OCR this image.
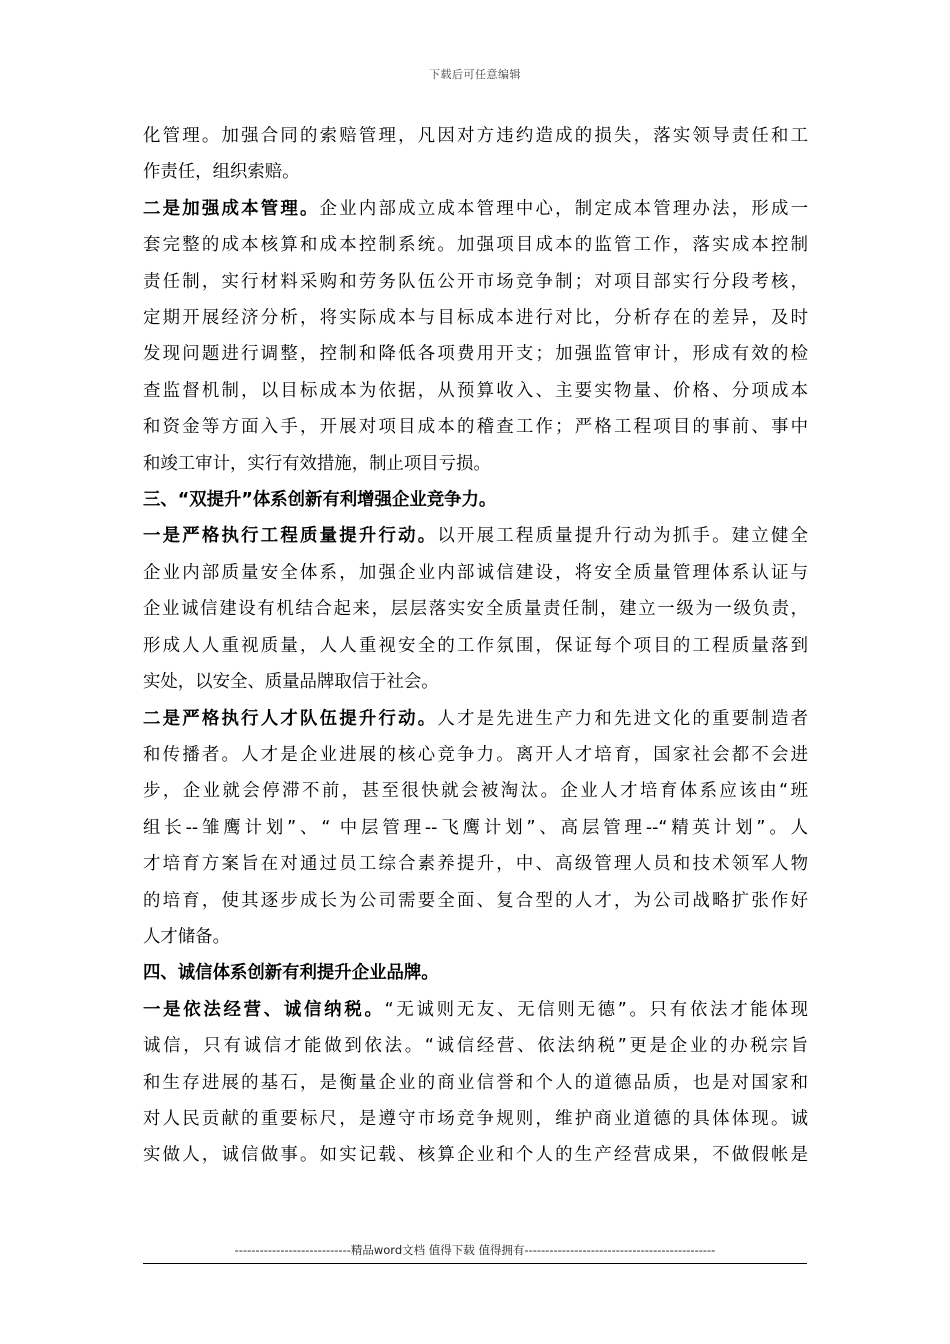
下载后可任意编辑

化管理。加强合同的索赔管理，凡因对方违约造成的损失，落实领导责任和工
作责任，组织索赔。

二是加强成本管理。企业内部成立成本管理中心，制定成本管理办法，形成一
套完整的成本核算和成本控制系统。加强项目成本的监管工作，落实成本控制
责任制，实行材料采购和劳务队伍公开市场竞争制；对项目部实行分段考核，
定期开展经济分析，将实际成本与目标成本进行对比，分析存在的差异，及时
发现问题进行调整，控制和降低各项费用开支；加强监管审计，形成有效的检
查监督机制，以目标成本为依据，从预算收入、主要实物量、价格、分项成本
和资金等方面入手，开展对项目成本的稽查工作；严格工程项目的事前、事中
和竣工审计，实行有效措施，制止项目亏损。

三、“双提升”体系创新有利增强企业竞争力。

一是严格执行工程质量提升行动。以开展工程质量提升行动为抓手。建立健全
企业内部质量安全体系，加强企业内部诚信建设，将安全质量管理体系认证与
企业诚信建设有机结合起来，层层落实安全质量责任制，建立一级为一级负责，
形成人人重视质量，人人重视安全的工作氛围，保证每个项目的工程质量落到
实处，以安全、质量品牌取信于社会。

二是严格执行人才队伍提升行动。人才是先进生产力和先进文化的重要制造者
和传播者。人才是企业进展的核心竞争力。离开人才培育，国家社会都不会进
步，企业就会停滞不前，甚至很快就会被淘汰。企业人才培育体系应该由“班
组长--雏鹰计划”、“ 中层管理--飞鹰计划”、高层管理--“精英计划”。人
才培育方案旨在对通过员工综合素养提升，中、高级管理人员和技术领军人物
的培育，使其逐步成长为公司需要全面、复合型的人才，为公司战略扩张作好
人才储备。

四、诚信体系创新有利提升企业品牌。

一是依法经营、诚信纳税。“无诚则无友、无信则无德”。只有依法才能体现
诚信，只有诚信才能做到依法。“诚信经营、依法纳税”更是企业的办税宗旨
和生存进展的基石，是衡量企业的商业信誉和个人的道德品质，也是对国家和
对人民贡献的重要标尺，是遵守市场竞争规则，维护商业道德的具体体现。诚
实做人，诚信做事。如实记载、核算企业和个人的生产经营成果，不做假帐是

----------------------------精品word文档 值得下载 值得拥有----------------------------------------------
